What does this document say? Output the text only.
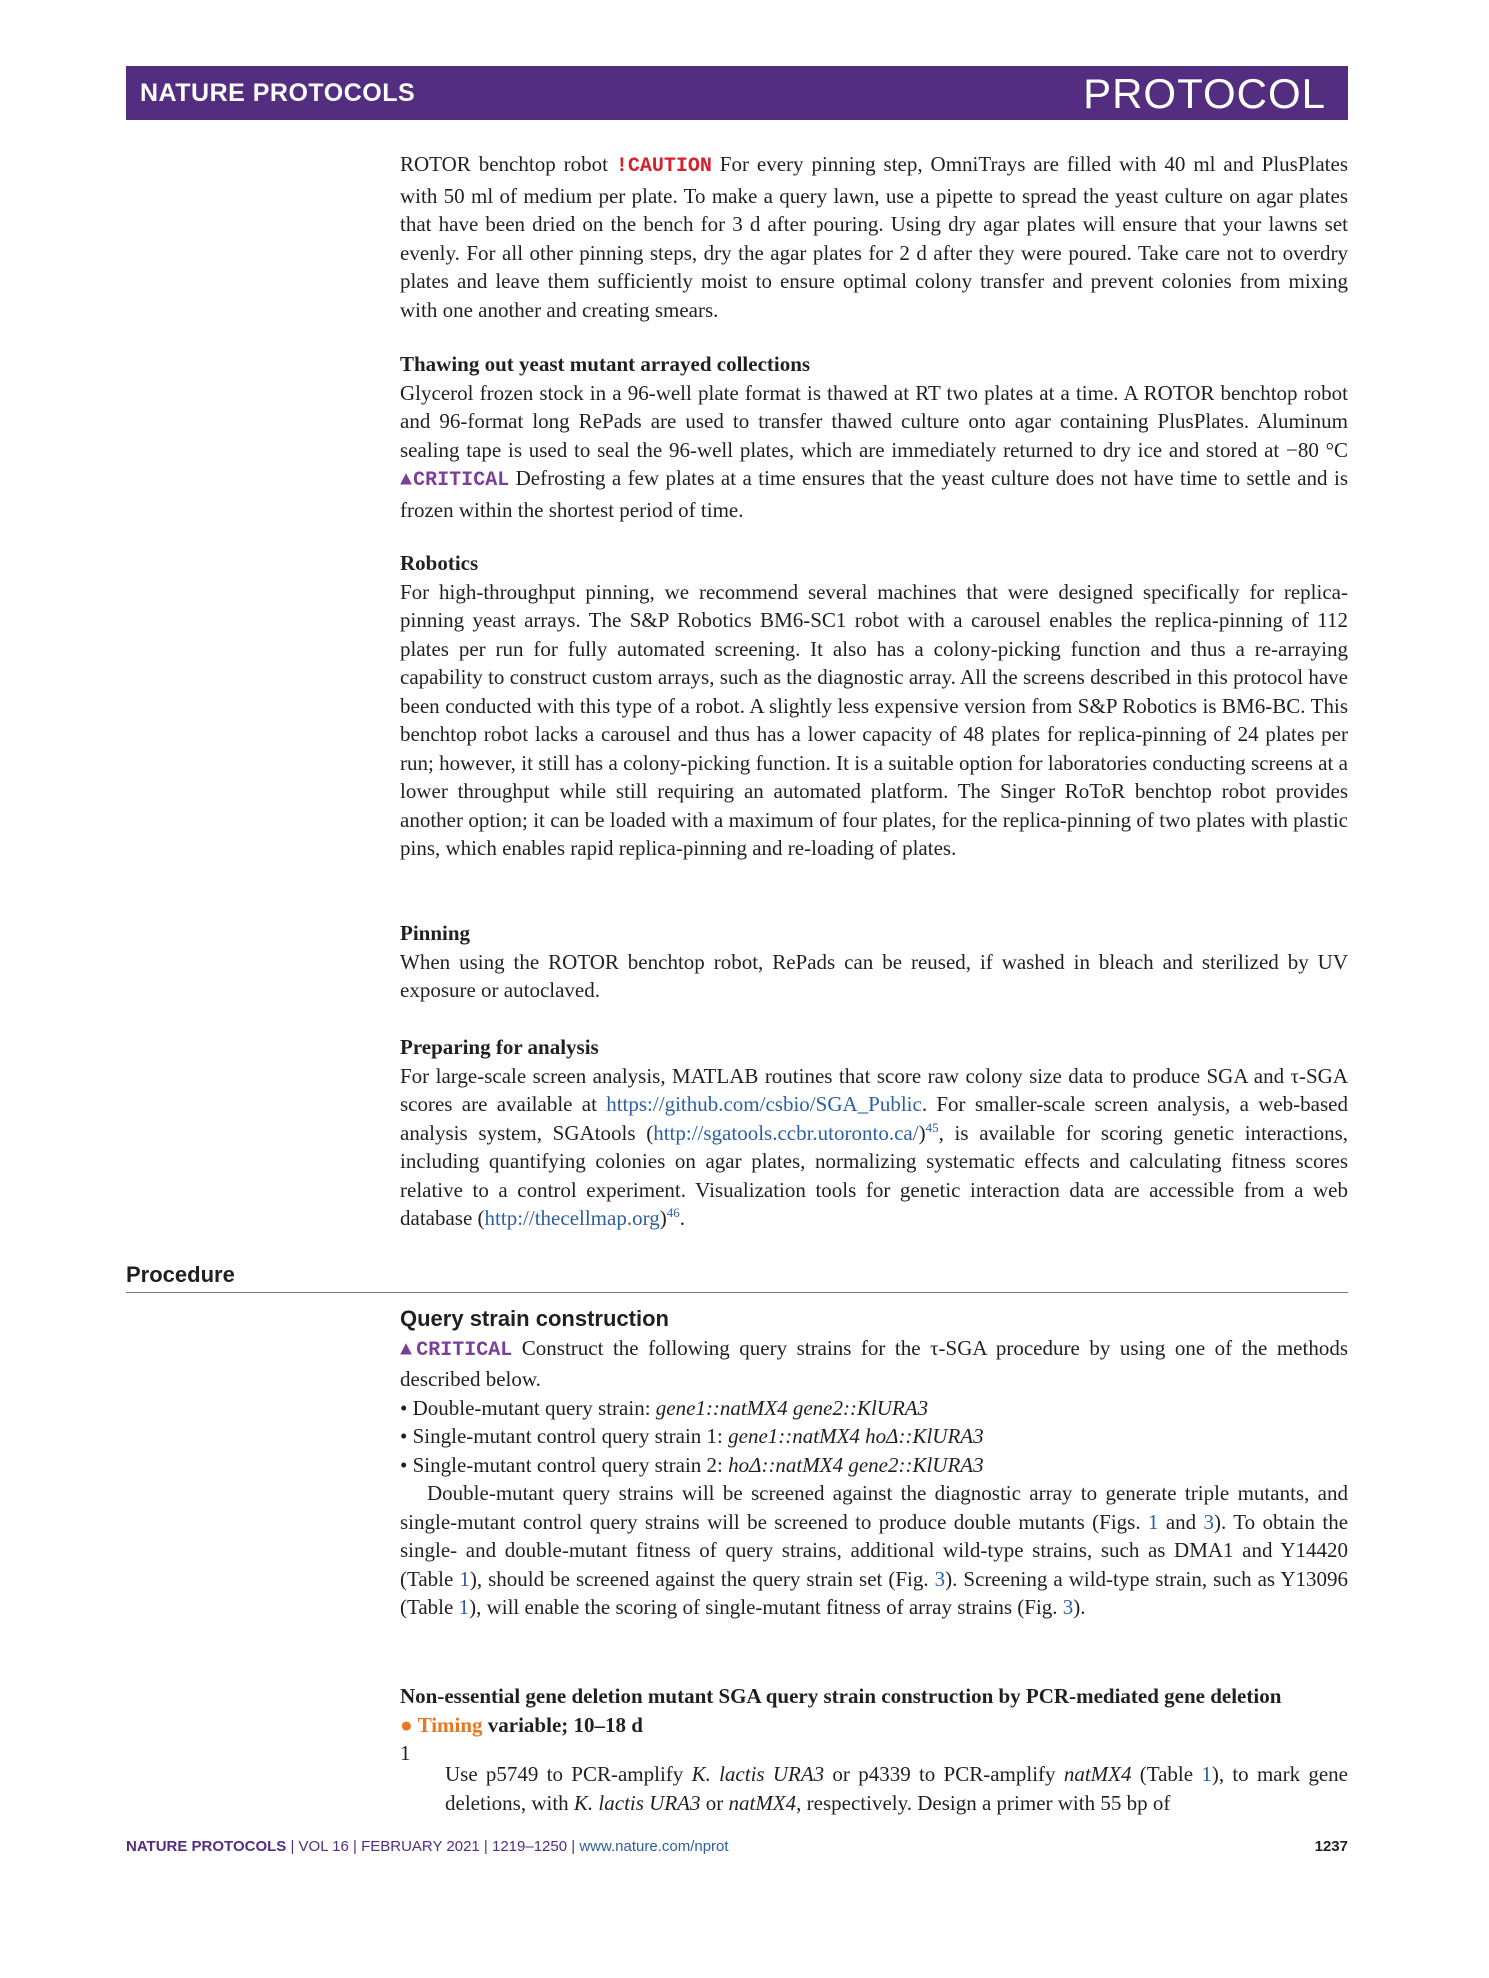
NATURE PROTOCOLS	PROTOCOL

ROTOR benchtop robot !CAUTION For every pinning step, OmniTrays are filled with 40 ml and PlusPlates with 50 ml of medium per plate. To make a query lawn, use a pipette to spread the yeast culture on agar plates that have been dried on the bench for 3 d after pouring. Using dry agar plates will ensure that your lawns set evenly. For all other pinning steps, dry the agar plates for 2 d after they were poured. Take care not to overdry plates and leave them sufficiently moist to ensure optimal colony transfer and prevent colonies from mixing with one another and creating smears.

Thawing out yeast mutant arrayed collections

Glycerol frozen stock in a 96-well plate format is thawed at RT two plates at a time. A ROTOR benchtop robot and 96-format long RePads are used to transfer thawed culture onto agar containing PlusPlates. Aluminum sealing tape is used to seal the 96-well plates, which are immediately returned to dry ice and stored at −80 °C ▲CRITICAL Defrosting a few plates at a time ensures that the yeast culture does not have time to settle and is frozen within the shortest period of time.

Robotics

For high-throughput pinning, we recommend several machines that were designed specifically for replica-pinning yeast arrays. The S&P Robotics BM6-SC1 robot with a carousel enables the replica-pinning of 112 plates per run for fully automated screening. It also has a colony-picking function and thus a re-arraying capability to construct custom arrays, such as the diagnostic array. All the screens described in this protocol have been conducted with this type of a robot. A slightly less expensive version from S&P Robotics is BM6-BC. This benchtop robot lacks a carousel and thus has a lower capacity of 48 plates for replica-pinning of 24 plates per run; however, it still has a colony-picking function. It is a suitable option for laboratories conducting screens at a lower throughput while still requiring an automated platform. The Singer RoToR benchtop robot provides another option; it can be loaded with a maximum of four plates, for the replica-pinning of two plates with plastic pins, which enables rapid replica-pinning and re-loading of plates.

Pinning

When using the ROTOR benchtop robot, RePads can be reused, if washed in bleach and sterilized by UV exposure or autoclaved.

Preparing for analysis

For large-scale screen analysis, MATLAB routines that score raw colony size data to produce SGA and τ-SGA scores are available at https://github.com/csbio/SGA_Public. For smaller-scale screen analysis, a web-based analysis system, SGAtools (http://sgatools.ccbr.utoronto.ca/)$^{45}$, is available for scoring genetic interactions, including quantifying colonies on agar plates, normalizing systematic effects and calculating fitness scores relative to a control experiment. Visualization tools for genetic interaction data are accessible from a web database (http://thecellmap.org)$^{46}$.

Procedure

Query strain construction

▲CRITICAL Construct the following query strains for the τ-SGA procedure by using one of the methods described below.

• Double-mutant query strain: gene1::natMX4 gene2::KlURA3

• Single-mutant control query strain 1: gene1::natMX4 hoΔ::KlURA3

• Single-mutant control query strain 2: hoΔ::natMX4 gene2::KlURA3

Double-mutant query strains will be screened against the diagnostic array to generate triple mutants, and single-mutant control query strains will be screened to produce double mutants (Figs. 1 and 3). To obtain the single- and double-mutant fitness of query strains, additional wild-type strains, such as DMA1 and Y14420 (Table 1), should be screened against the query strain set (Fig. 3). Screening a wild-type strain, such as Y13096 (Table 1), will enable the scoring of single-mutant fitness of array strains (Fig. 3).

Non-essential gene deletion mutant SGA query strain construction by PCR-mediated gene deletion

● Timing variable; 10–18 d

1

Use p5749 to PCR-amplify K. lactis URA3 or p4339 to PCR-amplify natMX4 (Table 1), to mark gene deletions, with K. lactis URA3 or natMX4, respectively. Design a primer with 55 bp of

NATURE PROTOCOLS | VOL 16 | FEBRUARY 2021 | 1219–1250 | www.nature.com/nprot	1237
